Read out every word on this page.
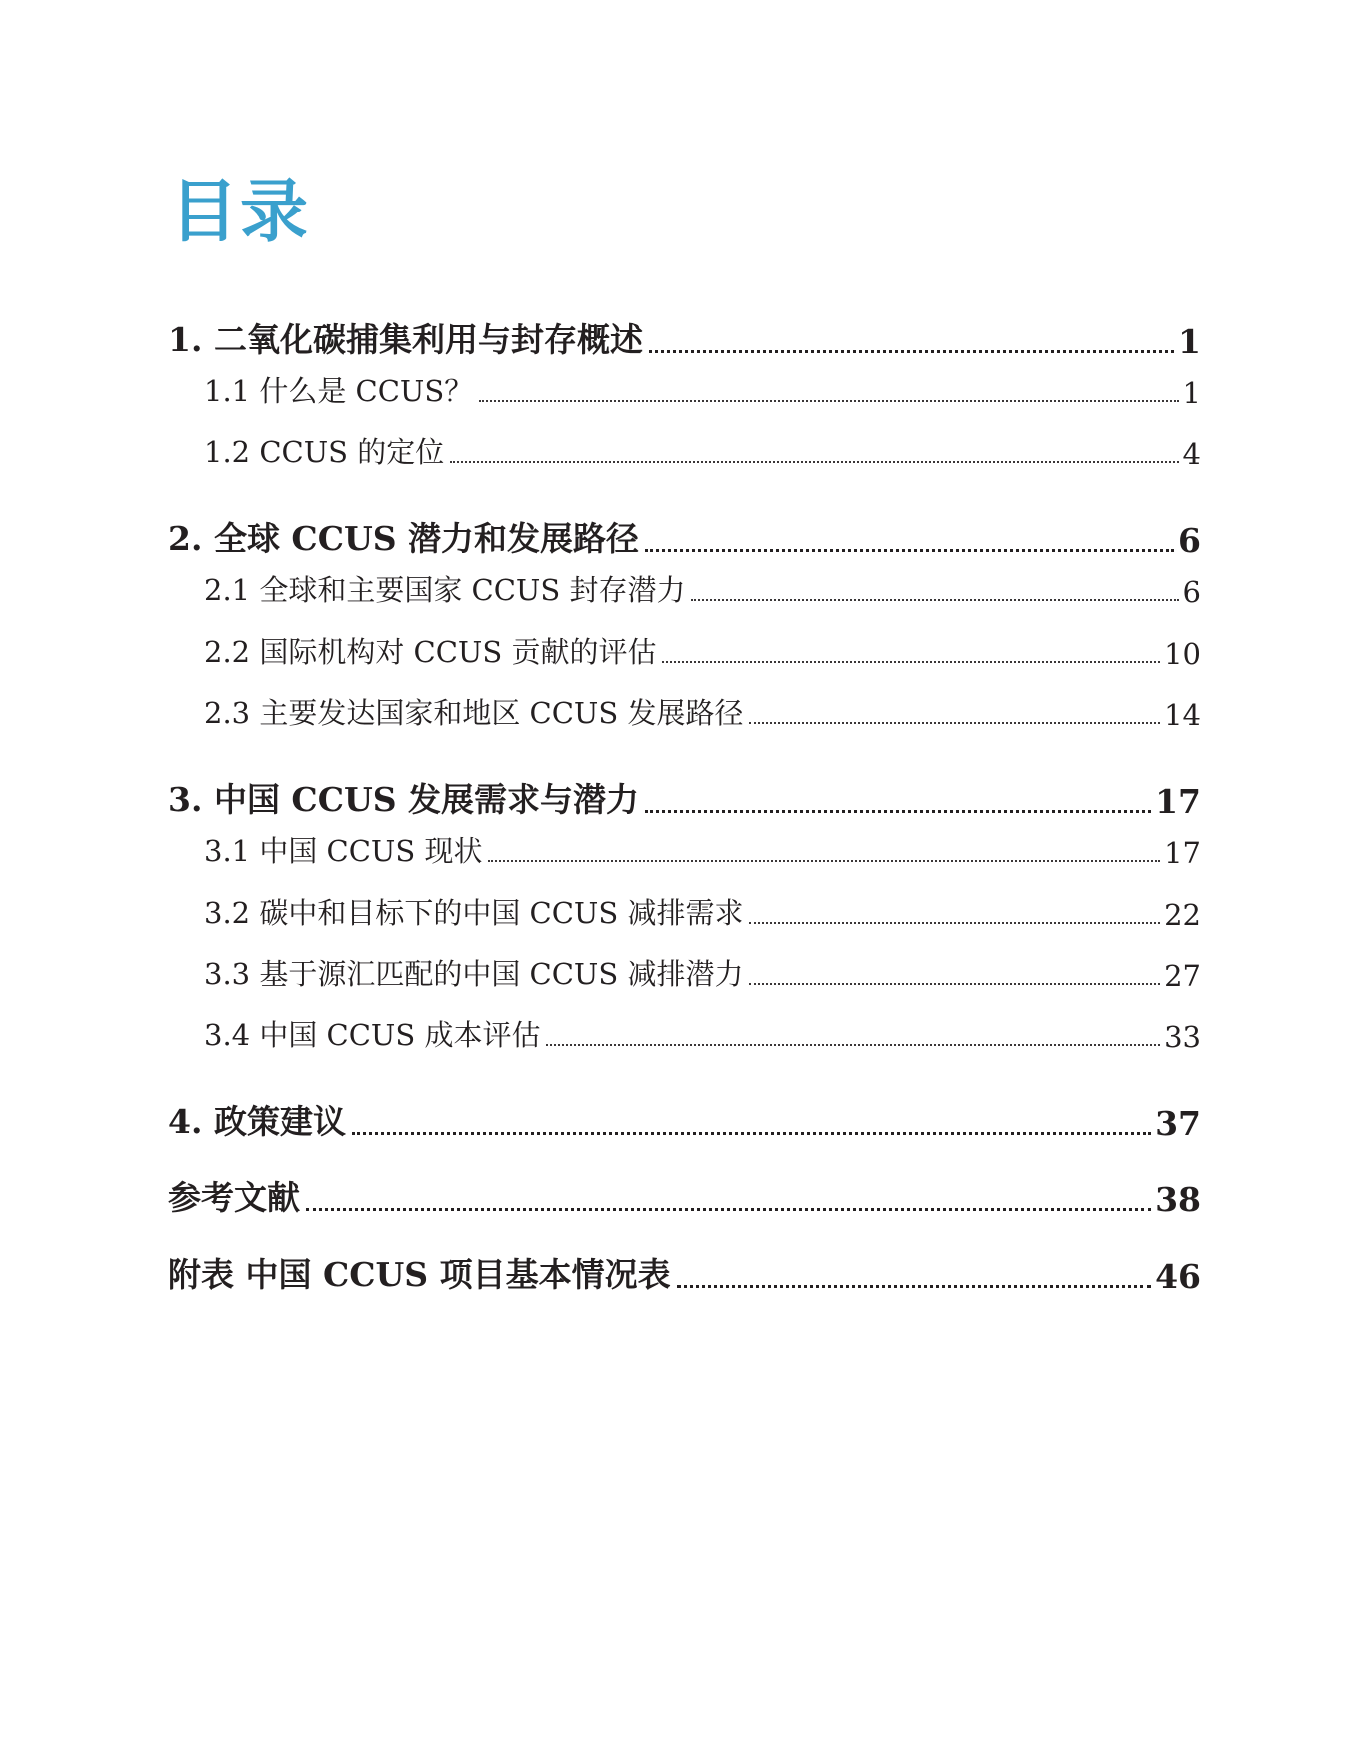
目录
1. 二氧化碳捕集利用与封存概述	1
1.1 什么是 CCUS？	1
1.2 CCUS 的定位	4
2. 全球 CCUS 潜力和发展路径	6
2.1 全球和主要国家 CCUS 封存潜力	6
2.2 国际机构对 CCUS 贡献的评估	10
2.3 主要发达国家和地区 CCUS 发展路径	14
3. 中国 CCUS 发展需求与潜力	17
3.1 中国 CCUS 现状	17
3.2 碳中和目标下的中国 CCUS 减排需求	22
3.3 基于源汇匹配的中国 CCUS 减排潜力	27
3.4 中国 CCUS 成本评估	33
4. 政策建议	37
参考文献	38
附表 中国 CCUS 项目基本情况表	46
